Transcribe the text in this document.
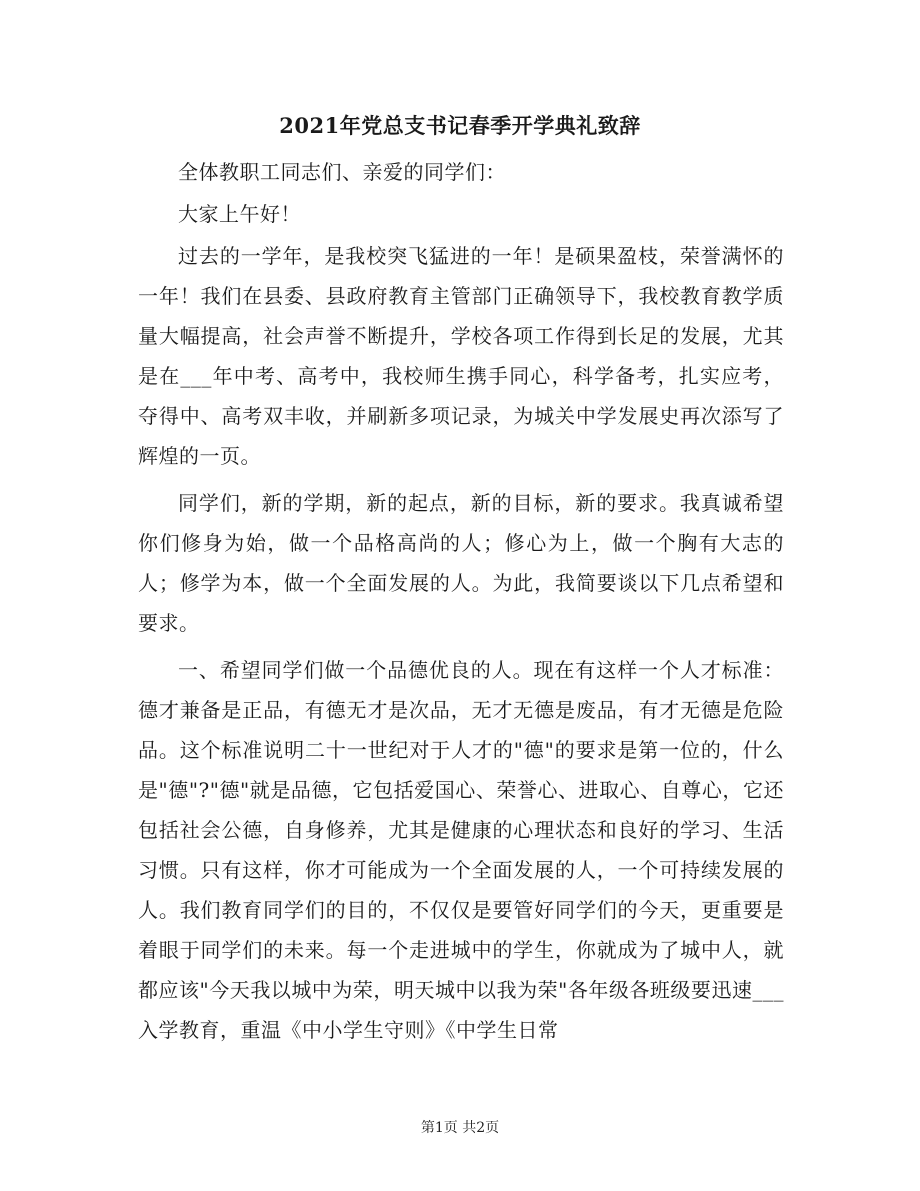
2021年党总支书记春季开学典礼致辞

全体教职工同志们、亲爱的同学们：

大家上午好！

过去的一学年，是我校突飞猛进的一年！是硕果盈枝，荣誉满怀的一年！我们在县委、县政府教育主管部门正确领导下，我校教育教学质量大幅提高，社会声誉不断提升，学校各项工作得到长足的发展，尤其是在___年中考、高考中，我校师生携手同心，科学备考，扎实应考，夺得中、高考双丰收，并刷新多项记录，为城关中学发展史再次添写了辉煌的一页。

同学们，新的学期，新的起点，新的目标，新的要求。我真诚希望你们修身为始，做一个品格高尚的人；修心为上，做一个胸有大志的人；修学为本，做一个全面发展的人。为此，我简要谈以下几点希望和要求。

一、希望同学们做一个品德优良的人。现在有这样一个人才标准：德才兼备是正品，有德无才是次品，无才无德是废品，有才无德是危险品。这个标准说明二十一世纪对于人才的"德"的要求是第一位的，什么是"德"?"德"就是品德，它包括爱国心、荣誉心、进取心、自尊心，它还包括社会公德，自身修养，尤其是健康的心理状态和良好的学习、生活习惯。只有这样，你才可能成为一个全面发展的人，一个可持续发展的人。我们教育同学们的目的，不仅仅是要管好同学们的今天，更重要是着眼于同学们的未来。每一个走进城中的学生，你就成为了城中人，就都应该"今天我以城中为荣，明天城中以我为荣"各年级各班级要迅速___入学教育，重温《中小学生守则》《中学生日常

第1页 共2页
